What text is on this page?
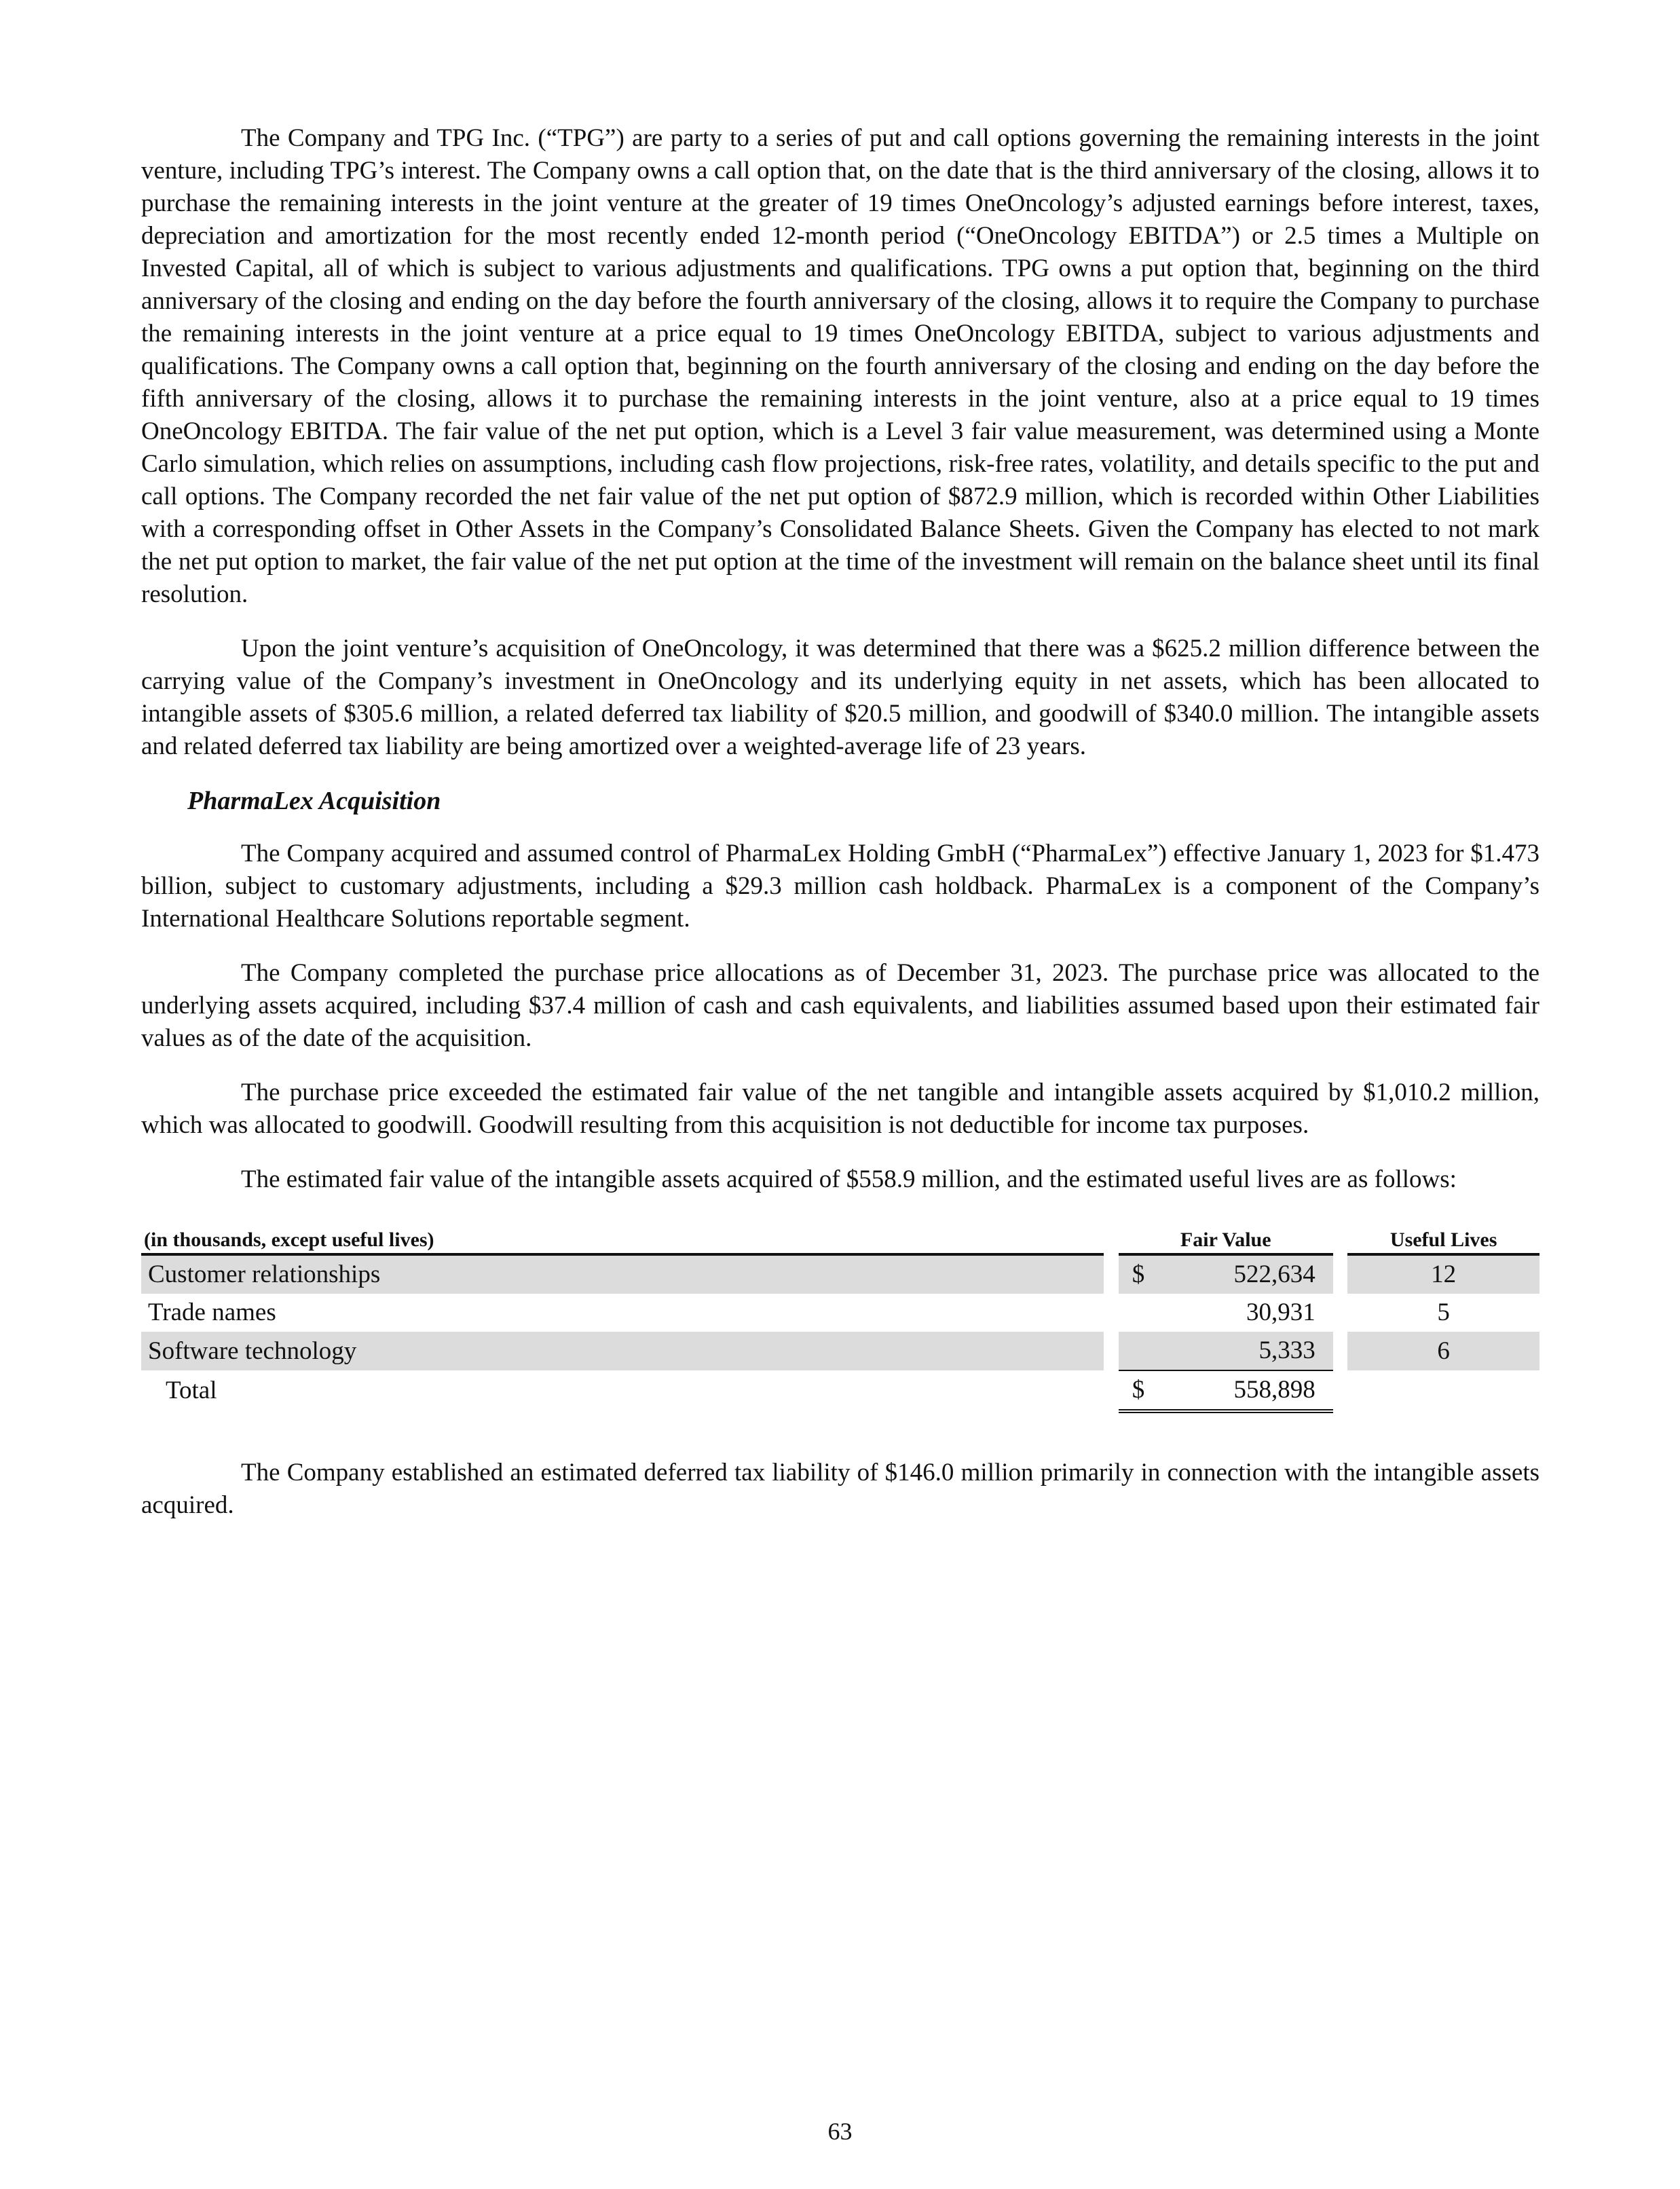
The Company and TPG Inc. (“TPG”) are party to a series of put and call options governing the remaining interests in the joint venture, including TPG’s interest. The Company owns a call option that, on the date that is the third anniversary of the closing, allows it to purchase the remaining interests in the joint venture at the greater of 19 times OneOncology’s adjusted earnings before interest, taxes, depreciation and amortization for the most recently ended 12-month period (“OneOncology EBITDA”) or 2.5 times a Multiple on Invested Capital, all of which is subject to various adjustments and qualifications. TPG owns a put option that, beginning on the third anniversary of the closing and ending on the day before the fourth anniversary of the closing, allows it to require the Company to purchase the remaining interests in the joint venture at a price equal to 19 times OneOncology EBITDA, subject to various adjustments and qualifications. The Company owns a call option that, beginning on the fourth anniversary of the closing and ending on the day before the fifth anniversary of the closing, allows it to purchase the remaining interests in the joint venture, also at a price equal to 19 times OneOncology EBITDA. The fair value of the net put option, which is a Level 3 fair value measurement, was determined using a Monte Carlo simulation, which relies on assumptions, including cash flow projections, risk-free rates, volatility, and details specific to the put and call options. The Company recorded the net fair value of the net put option of $872.9 million, which is recorded within Other Liabilities with a corresponding offset in Other Assets in the Company’s Consolidated Balance Sheets. Given the Company has elected to not mark the net put option to market, the fair value of the net put option at the time of the investment will remain on the balance sheet until its final resolution.

Upon the joint venture’s acquisition of OneOncology, it was determined that there was a $625.2 million difference between the carrying value of the Company’s investment in OneOncology and its underlying equity in net assets, which has been allocated to intangible assets of $305.6 million, a related deferred tax liability of $20.5 million, and goodwill of $340.0 million. The intangible assets and related deferred tax liability are being amortized over a weighted-average life of 23 years.

PharmaLex Acquisition

The Company acquired and assumed control of PharmaLex Holding GmbH (“PharmaLex”) effective January 1, 2023 for $1.473 billion, subject to customary adjustments, including a $29.3 million cash holdback. PharmaLex is a component of the Company’s International Healthcare Solutions reportable segment.

The Company completed the purchase price allocations as of December 31, 2023. The purchase price was allocated to the underlying assets acquired, including $37.4 million of cash and cash equivalents, and liabilities assumed based upon their estimated fair values as of the date of the acquisition.

The purchase price exceeded the estimated fair value of the net tangible and intangible assets acquired by $1,010.2 million, which was allocated to goodwill. Goodwill resulting from this acquisition is not deductible for income tax purposes.

The estimated fair value of the intangible assets acquired of $558.9 million, and the estimated useful lives are as follows:

(in thousands, except useful lives)		Fair Value			Useful Lives
Customer relationships		$	522,634		12
Trade names			30,931		5
Software technology			5,333		6
Total		$	558,898		

The Company established an estimated deferred tax liability of $146.0 million primarily in connection with the intangible assets acquired.

63
